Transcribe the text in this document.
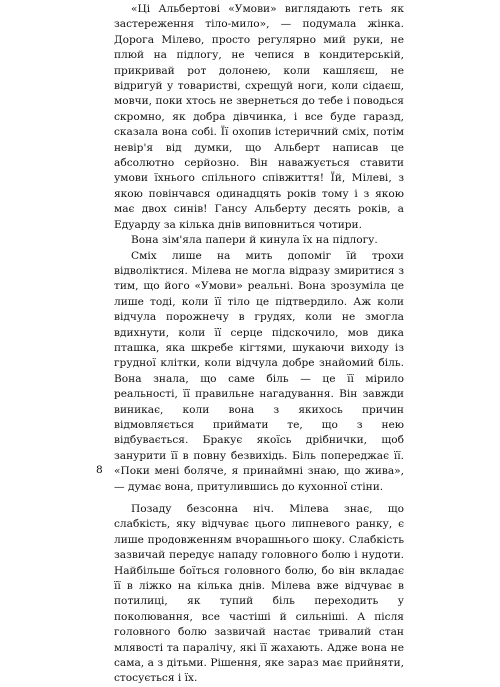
«Ці Альбертові «Умови» виглядають геть як застереження тіло-мило», — подумала жінка. Дорога Мілево, просто регулярно мий руки, не плюй на підлогу, не чепися в кондитерській, прикривай рот долонею, коли кашляєш, не відригуй у товаристві, схрещуй ноги, коли сідаєш, мовчи, поки хтось не звернеться до тебе і поводься скромно, як добра дівчинка, і все буде гаразд, сказала вона собі. Її охопив істеричний сміх, потім невір'я від думки, що Альберт написав це абсолютно серйозно. Він наважується ставити умови їхнього спільного співжиття! Їй, Мілеві, з якою повінчався одинадцять років тому і з якою має двох синів! Гансу Альберту десять років, а Едуарду за кілька днів виповниться чотири.

Вона зім'яла папери й кинула їх на підлогу.

Сміх лише на мить допоміг їй трохи відволіктися. Мілева не могла відразу змиритися з тим, що його «Умови» реальні. Вона зрозуміла це лише тоді, коли її тіло це підтвердило. Аж коли відчула порожнечу в грудях, коли не змогла вдихнути, коли її серце підскочило, мов дика пташка, яка шкребе кігтями, шукаючи виходу із грудної клітки, коли відчула добре знайомий біль. Вона знала, що саме біль — це її мірило реальності, її правильне нагадування. Він завжди виникає, коли вона з якихось причин відмовляється приймати те, що з нею відбувається. Бракує якоїсь дрібнички, щоб занурити її в повну безвихідь. Біль попереджає її. «Поки мені боляче, я принаймні знаю, що жива», — думає вона, притулившись до кухонної стіни.

Позаду безсонна ніч. Мілева знає, що слабкість, яку відчуває цього липневого ранку, є лише продовженням вчорашнього шоку. Слабкість зазвичай передує нападу головного болю і нудоти. Найбільше боїться головного болю, бо він вкладає її в ліжко на кілька днів. Мілева вже відчуває в потилиці, як тупий біль переходить у пoколювання, все частіші й сильніші. А після головного болю зазвичай настає тривалий стан млявості та паралічу, які її жахають. Адже вона не сама, а з дітьми. Рішення, яке зараз має прийняти, стосується і їх.

8
